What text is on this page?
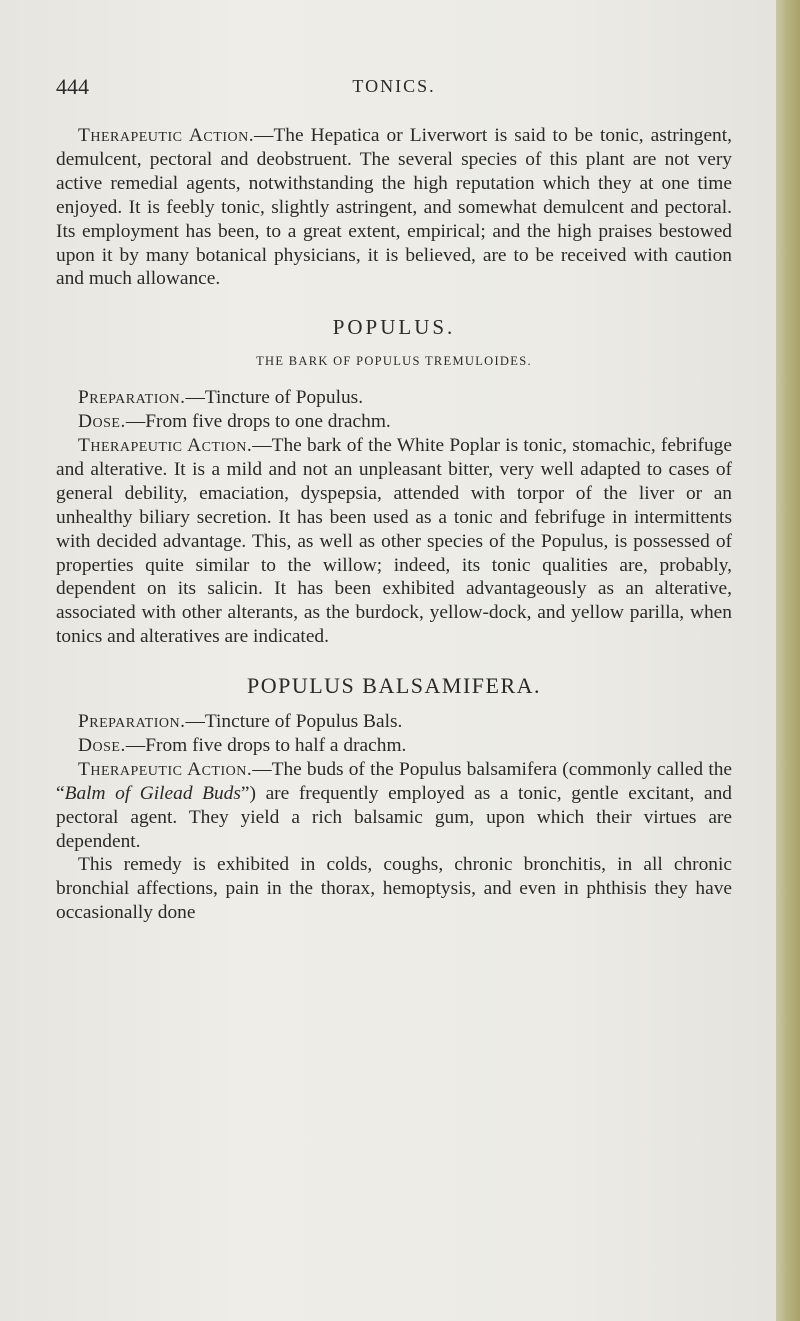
444	TONICS.

Therapeutic Action.—The Hepatica or Liverwort is said to be tonic, astringent, demulcent, pectoral and deobstruent. The several species of this plant are not very active remedial agents, notwithstanding the high reputation which they at one time enjoyed. It is feebly tonic, slightly astringent, and somewhat demulcent and pectoral. Its employment has been, to a great extent, empirical; and the high praises bestowed upon it by many botanical physicians, it is believed, are to be received with caution and much allowance.

POPULUS.
THE BARK OF POPULUS TREMULOIDES.

Preparation.—Tincture of Populus.

Dose.—From five drops to one drachm.

Therapeutic Action.—The bark of the White Poplar is tonic, stomachic, febrifuge and alterative. It is a mild and not an unpleasant bitter, very well adapted to cases of general debility, emaciation, dyspepsia, attended with torpor of the liver or an unhealthy biliary secretion. It has been used as a tonic and febrifuge in intermittents with decided advantage. This, as well as other species of the Populus, is possessed of properties quite similar to the willow; indeed, its tonic qualities are, probably, dependent on its salicin. It has been exhibited advantageously as an alterative, associated with other alterants, as the burdock, yellow-dock, and yellow parilla, when tonics and alteratives are indicated.

POPULUS BALSAMIFERA.

Preparation.—Tincture of Populus Bals.

Dose.—From five drops to half a drachm.

Therapeutic Action.—The buds of the Populus balsamifera (commonly called the “Balm of Gilead Buds”) are frequently employed as a tonic, gentle excitant, and pectoral agent. They yield a rich balsamic gum, upon which their virtues are dependent.

This remedy is exhibited in colds, coughs, chronic bronchitis, in all chronic bronchial affections, pain in the thorax, hemoptysis, and even in phthisis they have occasionally done
